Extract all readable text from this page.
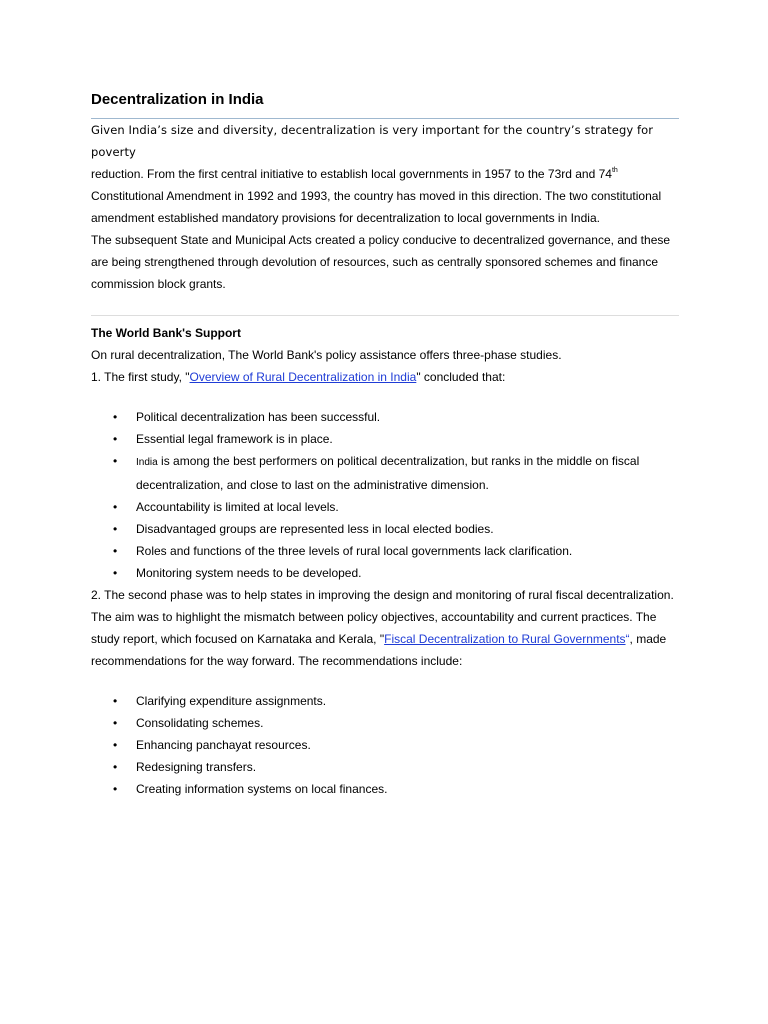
Decentralization in India

Given India’s size and diversity, decentralization is very important for the country’s strategy for poverty
reduction. From the first central initiative to establish local governments in 1957 to the 73rd and 74th
Constitutional Amendment in 1992 and 1993, the country has moved in this direction. The two constitutional amendment established mandatory provisions for decentralization to local governments in India.

The subsequent State and Municipal Acts created a policy conducive to decentralized governance, and these are being strengthened through devolution of resources, such as centrally sponsored schemes and finance commission block grants.

The World Bank's Support

On rural decentralization, The World Bank's policy assistance offers three-phase studies.

1. The first study, "Overview of Rural Decentralization in India" concluded that:

• Political decentralization has been successful.
• Essential legal framework is in place.
• India is among the best performers on political decentralization, but ranks in the middle on fiscal decentralization, and close to last on the administrative dimension.
• Accountability is limited at local levels.
• Disadvantaged groups are represented less in local elected bodies.
• Roles and functions of the three levels of rural local governments lack clarification.
• Monitoring system needs to be developed.

2. The second phase was to help states in improving the design and monitoring of rural fiscal decentralization. The aim was to highlight the mismatch between policy objectives, accountability and current practices. The study report, which focused on Karnataka and Kerala, "Fiscal Decentralization to Rural Governments“, made recommendations for the way forward. The recommendations include:

• Clarifying expenditure assignments.
• Consolidating schemes.
• Enhancing panchayat resources.
• Redesigning transfers.
• Creating information systems on local finances.
